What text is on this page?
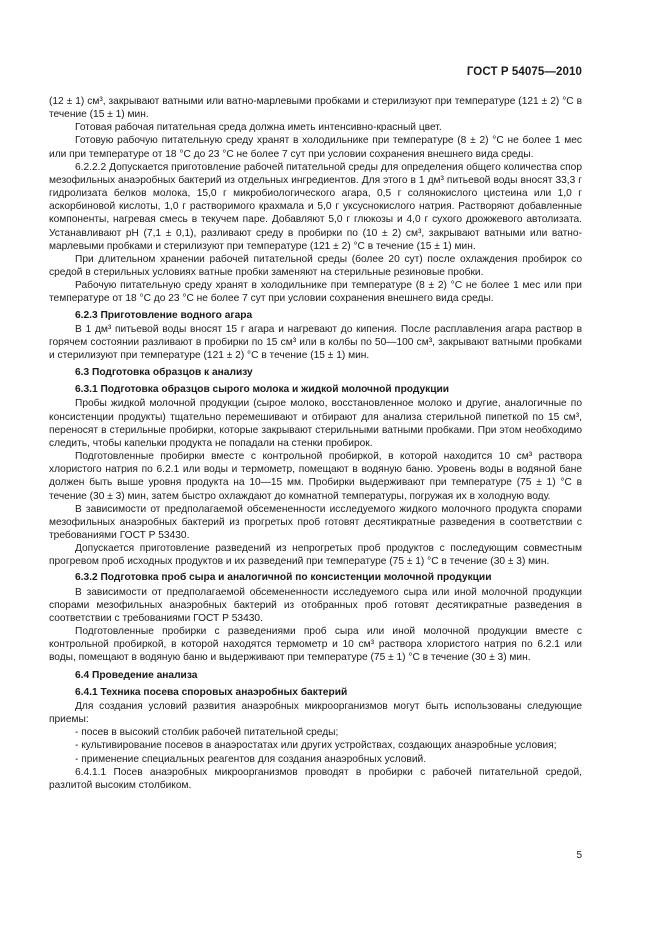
ГОСТ Р 54075—2010

(12 ± 1) см³, закрывают ватными или ватно-марлевыми пробками и стерилизуют при температуре (121 ± 2) °С в течение (15 ± 1) мин.

Готовая рабочая питательная среда должна иметь интенсивно-красный цвет.

Готовую рабочую питательную среду хранят в холодильнике при температуре (8 ± 2) °С не более 1 мес или при температуре от 18 °С до 23 °С не более 7 сут при условии сохранения внешнего вида среды.

6.2.2.2 Допускается приготовление рабочей питательной среды для определения общего количества спор мезофильных анаэробных бактерий из отдельных ингредиентов. Для этого в 1 дм³ питьевой воды вносят 33,3 г гидролизата белков молока, 15,0 г микробиологического агара, 0,5 г солянокислого цистеина или 1,0 г аскорбиновой кислоты, 1,0 г растворимого крахмала и 5,0 г уксуснокислого натрия. Растворяют добавленные компоненты, нагревая смесь в текучем паре. Добавляют 5,0 г глюкозы и 4,0 г сухого дрожжевого автолизата. Устанавливают рН (7,1 ± 0,1), разливают среду в пробирки по (10 ± 2) см³, закрывают ватными или ватно-марлевыми пробками и стерилизуют при температуре (121 ± 2) °С в течение (15 ± 1) мин.

При длительном хранении рабочей питательной среды (более 20 сут) после охлаждения пробирок со средой в стерильных условиях ватные пробки заменяют на стерильные резиновые пробки.

Рабочую питательную среду хранят в холодильнике при температуре (8 ± 2) °С не более 1 мес или при температуре от 18 °С до 23 °С не более 7 сут при условии сохранения внешнего вида среды.

6.2.3 Приготовление водного агара

В 1 дм³ питьевой воды вносят 15 г агара и нагревают до кипения. После расплавления агара раствор в горячем состоянии разливают в пробирки по 15 см³ или в колбы по 50—100 см³, закрывают ватными пробками и стерилизуют при температуре (121 ± 2) °С в течение (15 ± 1) мин.

6.3 Подготовка образцов к анализу

6.3.1 Подготовка образцов сырого молока и жидкой молочной продукции

Пробы жидкой молочной продукции (сырое молоко, восстановленное молоко и другие, аналогичные по консистенции продукты) тщательно перемешивают и отбирают для анализа стерильной пипеткой по 15 см³, переносят в стерильные пробирки, которые закрывают стерильными ватными пробками. При этом необходимо следить, чтобы капельки продукта не попадали на стенки пробирок.

Подготовленные пробирки вместе с контрольной пробиркой, в которой находится 10 см³ раствора хлористого натрия по 6.2.1 или воды и термометр, помещают в водяную баню. Уровень воды в водяной бане должен быть выше уровня продукта на 10—15 мм. Пробирки выдерживают при температуре (75 ± 1) °С в течение (30 ± 3) мин, затем быстро охлаждают до комнатной температуры, погружая их в холодную воду.

В зависимости от предполагаемой обсемененности исследуемого жидкого молочного продукта спорами мезофильных анаэробных бактерий из прогретых проб готовят десятикратные разведения в соответствии с требованиями ГОСТ Р 53430.

Допускается приготовление разведений из непрогретых проб продуктов с последующим совместным прогревом проб исходных продуктов и их разведений при температуре (75 ± 1) °С в течение (30 ± 3) мин.

6.3.2 Подготовка проб сыра и аналогичной по консистенции молочной продукции

В зависимости от предполагаемой обсемененности исследуемого сыра или иной молочной продукции спорами мезофильных анаэробных бактерий из отобранных проб готовят десятикратные разведения в соответствии с требованиями ГОСТ Р 53430.

Подготовленные пробирки с разведениями проб сыра или иной молочной продукции вместе с контрольной пробиркой, в которой находятся термометр и 10 см³ раствора хлористого натрия по 6.2.1 или воды, помещают в водяную баню и выдерживают при температуре (75 ± 1) °С в течение (30 ± 3) мин.

6.4 Проведение анализа

6.4.1 Техника посева споровых анаэробных бактерий

Для создания условий развития анаэробных микроорганизмов могут быть использованы следующие приемы:

- посев в высокий столбик рабочей питательной среды;

- культивирование посевов в анаэростатах или других устройствах, создающих анаэробные условия;

- применение специальных реагентов для создания анаэробных условий.

6.4.1.1 Посев анаэробных микроорганизмов проводят в пробирки с рабочей питательной средой, разлитой высоким столбиком.

5
